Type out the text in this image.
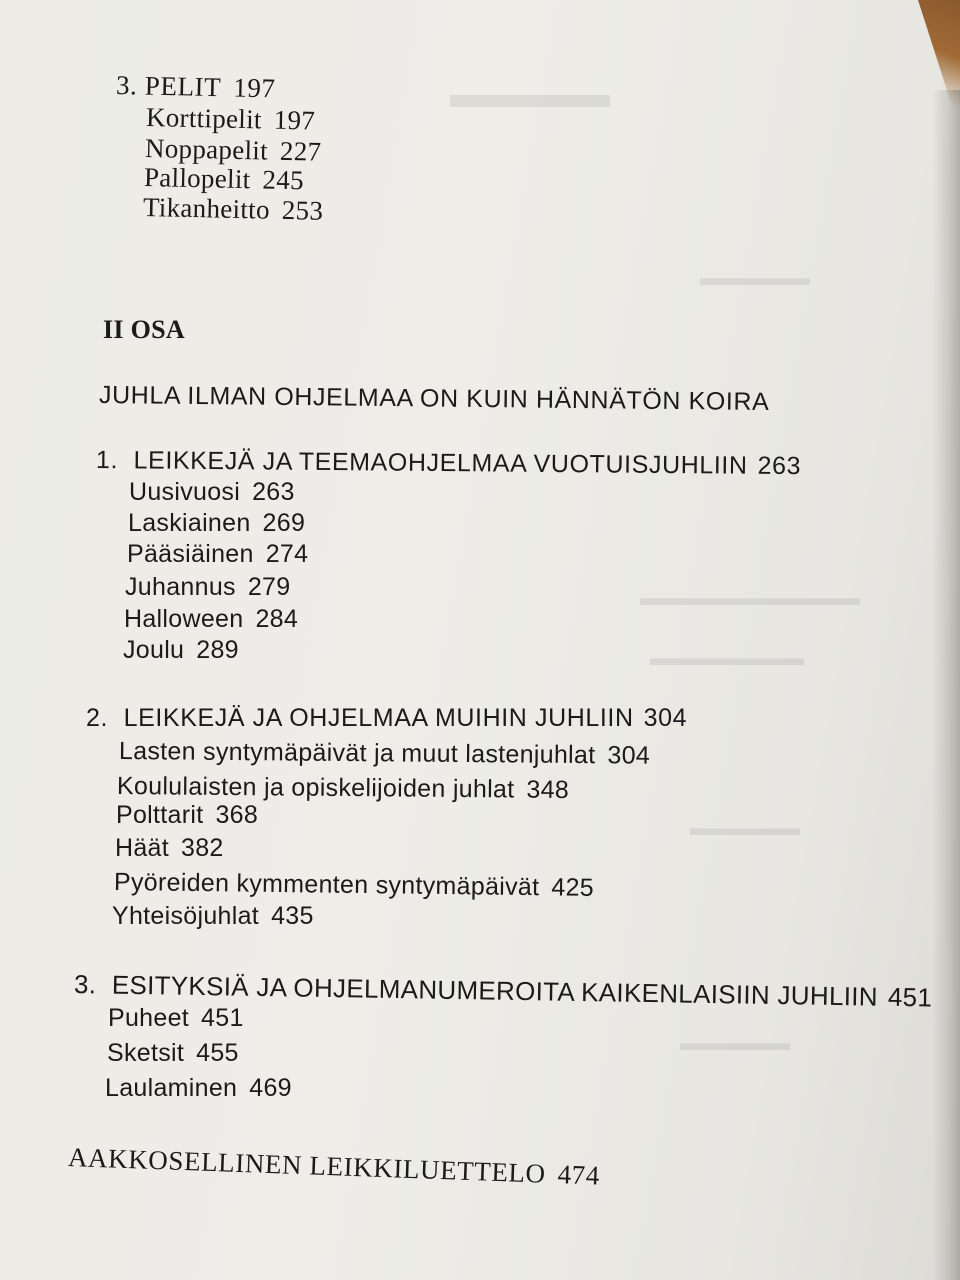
▬▬▬▬
▬▬▬▬▬
▬▬▬▬▬▬▬▬▬▬
▬▬▬▬▬▬▬
▬▬▬▬▬
▬▬▬▬▬
3. PELIT 197
Korttipelit 197
Noppapelit 227
Pallopelit 245
Tikanheitto 253
II OSA
JUHLA ILMAN OHJELMAA ON KUIN HÄNNÄTÖN KOIRA
1. LEIKKEJÄ JA TEEMAOHJELMAA VUOTUISJUHLIIN 263
Uusivuosi 263
Laskiainen 269
Pääsiäinen 274
Juhannus 279
Halloween 284
Joulu 289
2. LEIKKEJÄ JA OHJELMAA MUIHIN JUHLIIN 304
Lasten syntymäpäivät ja muut lastenjuhlat 304
Koululaisten ja opiskelijoiden juhlat 348
Polttarit 368
Häät 382
Pyöreiden kymmenten syntymäpäivät 425
Yhteisöjuhlat 435
3. ESITYKSIÄ JA OHJELMANUMEROITA KAIKENLAISIIN JUHLIIN 451
Puheet 451
Sketsit 455
Laulaminen 469
AAKKOSELLINEN LEIKKILUETTELO 474
